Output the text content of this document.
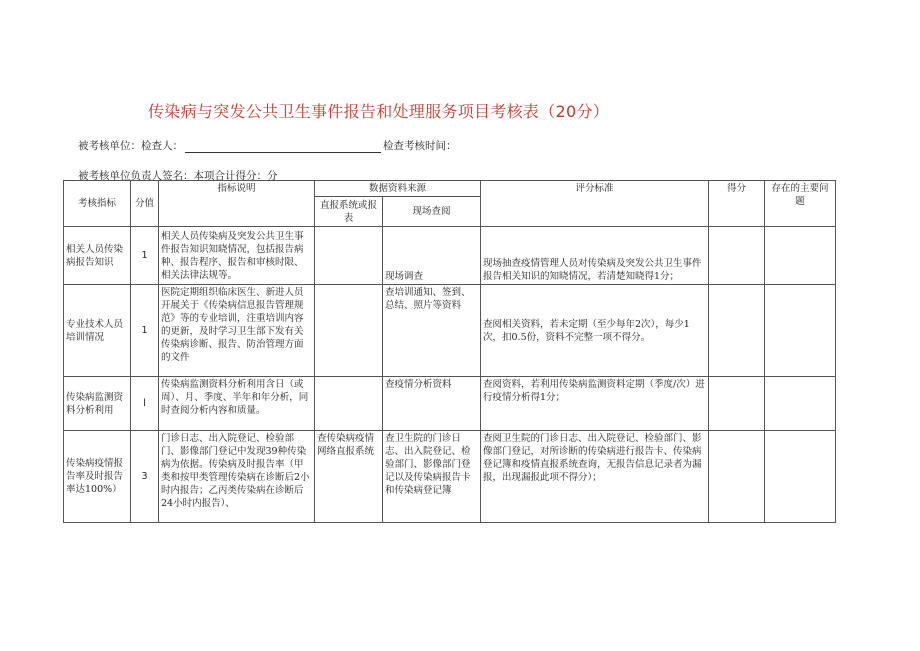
传染病与突发公共卫生事件报告和处理服务项目考核表（20分）
被考核单位：检查人：	检查考核时间：
被考核单位负责人签名：本项合计得分：分
考核指标	分值	指标说明	数据资料来源		评分标准	得分	存在的主要问题
			直报系统或报表	现场查阅			
相关人员传染病报告知识	1	相关人员传染病及突发公共卫生事件报告知识知晓情况，包括报告病种、报告程序、报告和审核时限、相关法律法规等。		现场调查	现场抽查疫情管理人员对传染病及突发公共卫生事件报告相关知识的知晓情况，若清楚知晓得1分；		
专业技术人员培训情况	1	医院定期组织临床医生、新进人员开展关于《传染病信息报告管理规范》等的专业培训，注重培训内容的更新，及时学习卫生部下发有关传染病诊断、报告、防治管理方面的文件		查培训通知、签到、总结、照片等资料	查阅相关资料，若未定期（至少每年2次），每少1次，扣0.5份，资料不完整一项不得分。		
传染病监测资料分析利用	l	传染病监测资料分析利用含日（或周）、月、季度、半年和年分析，同时查阅分析内容和质量。		查疫情分析资料	查阅资料，若利用传染病监测资料定期（季度/次）进行疫情分析得1分；		
传染病疫情报告率及时报告率达100%）	3	门诊日志、出入院登记、检验部门、影像部门登记中发现39种传染病为依据。传染病及时报告率（甲类和按甲类管理传染病在诊断后2小时内报告；乙丙类传染病在诊断后24小时内报告）、	查传染病疫情网络直报系统	查卫生院的门诊日志、出入院登记、检验部门、影像部门登记以及传染病报告卡和传染病登记簿	查阅卫生院的门诊日志、出入院登记、检验部门、影像部门登记，对所诊断的传染病进行报告卡、传染病登记簿和疫情直报系统查询，无报告信息记录者为漏报，出现漏报此项不得分）；		
